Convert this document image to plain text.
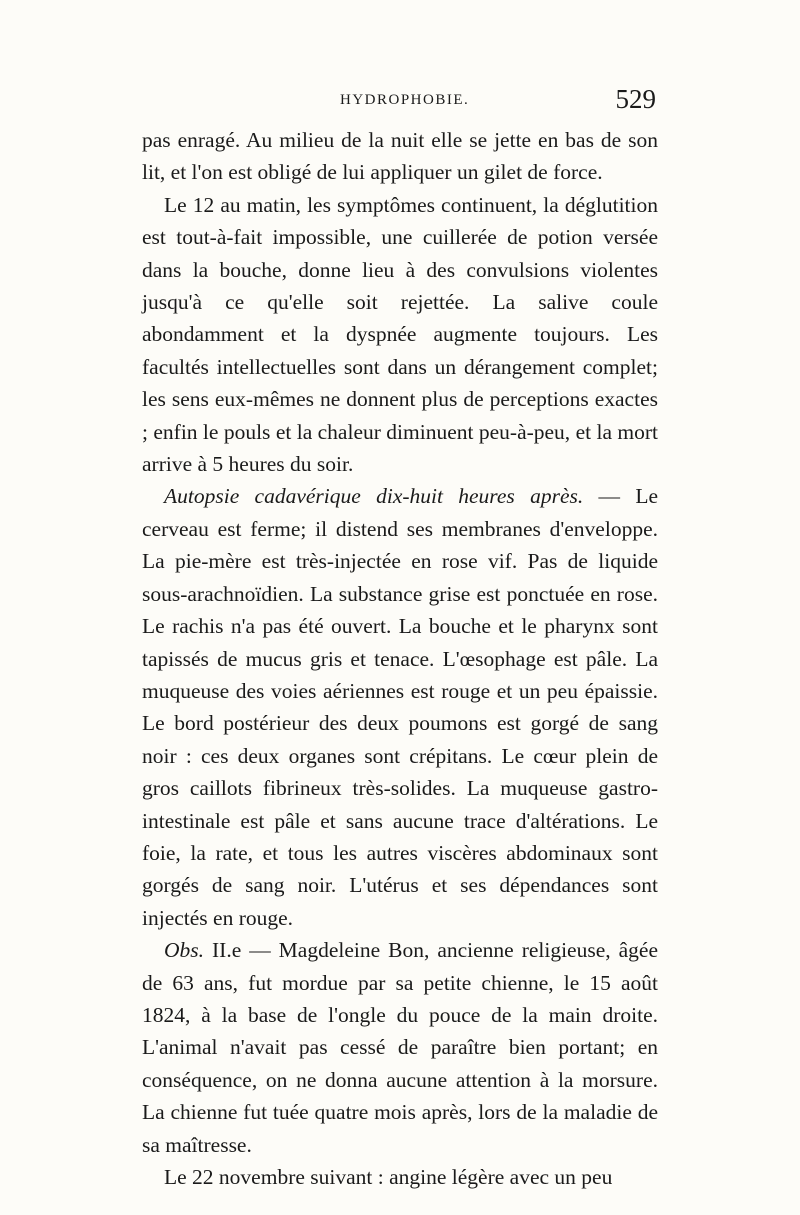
HYDROPHOBIE.	529

pas enragé. Au milieu de la nuit elle se jette en bas de son lit, et l'on est obligé de lui appliquer un gilet de force.

Le 12 au matin, les symptômes continuent, la déglutition est tout-à-fait impossible, une cuillerée de potion versée dans la bouche, donne lieu à des convulsions violentes jusqu'à ce qu'elle soit rejettée. La salive coule abondamment et la dyspnée augmente toujours. Les facultés intellectuelles sont dans un dérangement complet; les sens eux-mêmes ne donnent plus de perceptions exactes ; enfin le pouls et la chaleur diminuent peu-à-peu, et la mort arrive à 5 heures du soir.

Autopsie cadavérique dix-huit heures après. — Le cerveau est ferme; il distend ses membranes d'enveloppe. La pie-mère est très-injectée en rose vif. Pas de liquide sous-arachnoïdien. La substance grise est ponctuée en rose. Le rachis n'a pas été ouvert. La bouche et le pharynx sont tapissés de mucus gris et tenace. L'œsophage est pâle. La muqueuse des voies aériennes est rouge et un peu épaissie. Le bord postérieur des deux poumons est gorgé de sang noir : ces deux organes sont crépitans. Le cœur plein de gros caillots fibrineux très-solides. La muqueuse gastro-intestinale est pâle et sans aucune trace d'altérations. Le foie, la rate, et tous les autres viscères abdominaux sont gorgés de sang noir. L'utérus et ses dépendances sont injectés en rouge.

Obs. II.e — Magdeleine Bon, ancienne religieuse, âgée de 63 ans, fut mordue par sa petite chienne, le 15 août 1824, à la base de l'ongle du pouce de la main droite. L'animal n'avait pas cessé de paraître bien portant; en conséquence, on ne donna aucune attention à la morsure. La chienne fut tuée quatre mois après, lors de la maladie de sa maîtresse.

Le 22 novembre suivant : angine légère avec un peu
